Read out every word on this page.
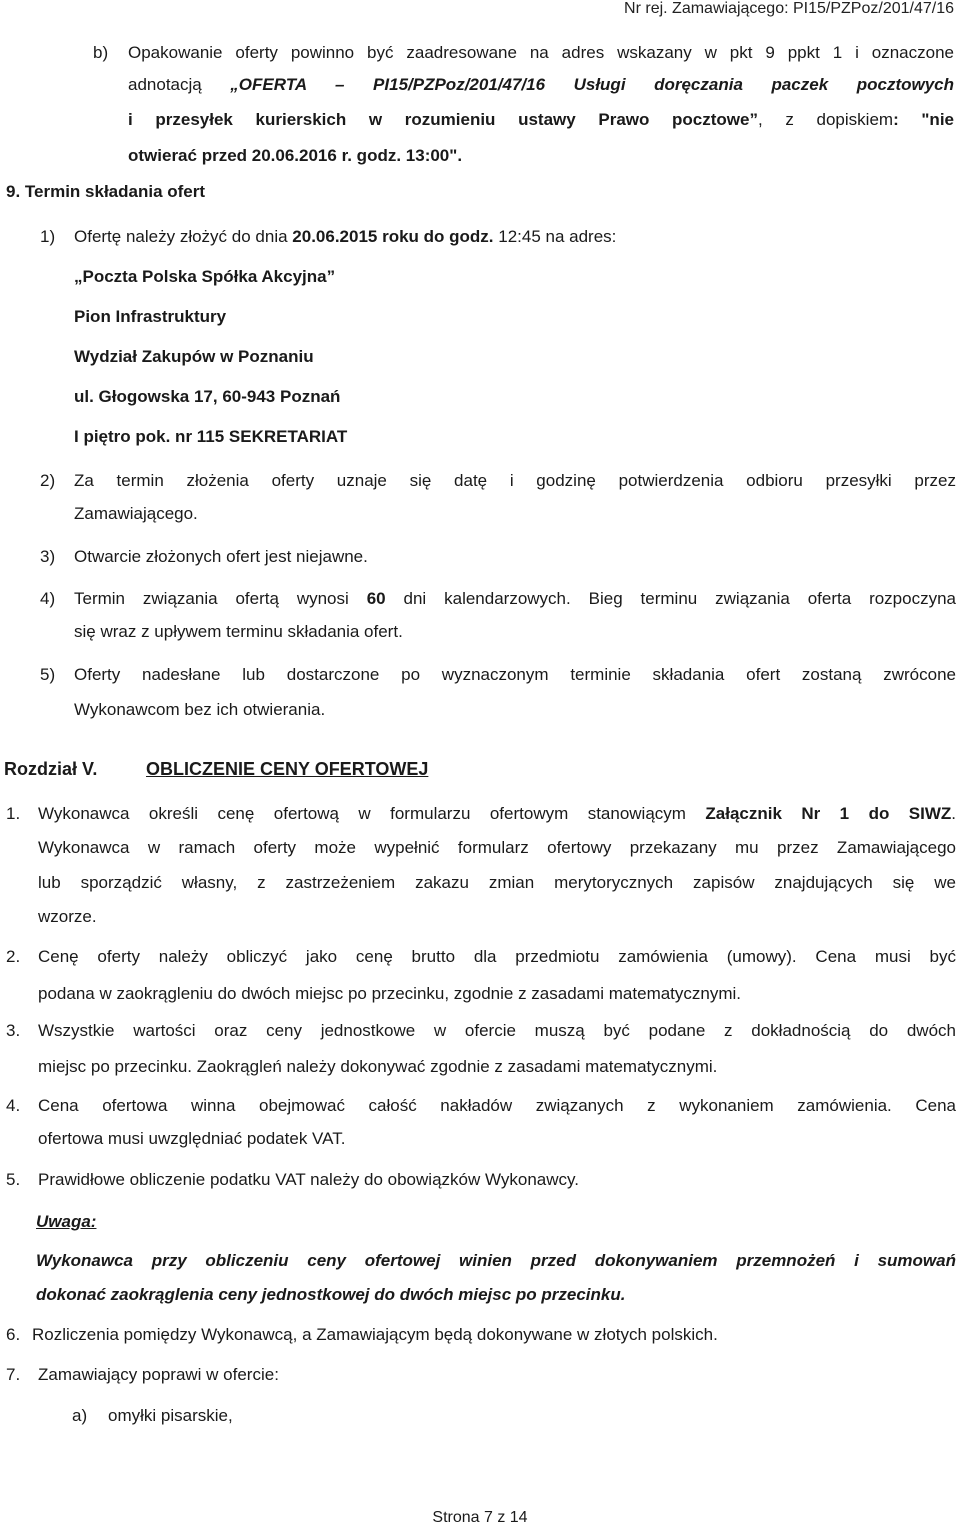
Nr rej. Zamawiającego: PI15/PZPoz/201/47/16
b) Opakowanie oferty powinno być zaadresowane na adres wskazany w pkt 9 ppkt 1 i oznaczone
adnotacją „OFERTA – PI15/PZPoz/201/47/16 Usługi doręczania paczek pocztowych
i przesyłek kurierskich w rozumieniu ustawy Prawo pocztowe”, z dopiskiem: "nie
otwierać przed 20.06.2016 r. godz. 13:00".
9. Termin składania ofert
1) Ofertę należy złożyć do dnia 20.06.2015 roku do godz. 12:45 na adres:
„Poczta Polska Spółka Akcyjna”
Pion Infrastruktury
Wydział Zakupów w Poznaniu
ul. Głogowska 17, 60-943 Poznań
I piętro pok. nr 115 SEKRETARIAT
2) Za termin złożenia oferty uznaje się datę i godzinę potwierdzenia odbioru przesyłki przez
Zamawiającego.
3) Otwarcie złożonych ofert jest niejawne.
4) Termin związania ofertą wynosi 60 dni kalendarzowych. Bieg terminu związania oferta rozpoczyna
się wraz z upływem terminu składania ofert.
5) Oferty nadesłane lub dostarczone po wyznaczonym terminie składania ofert zostaną zwrócone
Wykonawcom bez ich otwierania.
Rozdział V.	OBLICZENIE CENY OFERTOWEJ
1. Wykonawca określi cenę ofertową w formularzu ofertowym stanowiącym Załącznik Nr 1 do SIWZ.
Wykonawca w ramach oferty może wypełnić formularz ofertowy przekazany mu przez Zamawiającego
lub sporządzić własny, z zastrzeżeniem zakazu zmian merytorycznych zapisów znajdujących się we
wzorze.
2. Cenę oferty należy obliczyć jako cenę brutto dla przedmiotu zamówienia (umowy). Cena musi być
podana w zaokrągleniu do dwóch miejsc po przecinku, zgodnie z zasadami matematycznymi.
3. Wszystkie wartości oraz ceny jednostkowe w ofercie muszą być podane z dokładnością do dwóch
miejsc po przecinku. Zaokrągleń należy dokonywać zgodnie z zasadami matematycznymi.
4. Cena ofertowa winna obejmować całość nakładów związanych z wykonaniem zamówienia. Cena
ofertowa musi uwzględniać podatek VAT.
5. Prawidłowe obliczenie podatku VAT należy do obowiązków Wykonawcy.
Uwaga:
Wykonawca przy obliczeniu ceny ofertowej winien przed dokonywaniem przemnożeń i sumowań
dokonać zaokrąglenia ceny jednostkowej do dwóch miejsc po przecinku.
6. Rozliczenia pomiędzy Wykonawcą, a Zamawiającym będą dokonywane w złotych polskich.
7. Zamawiający poprawi w ofercie:
a) omyłki pisarskie,
Strona 7 z 14
